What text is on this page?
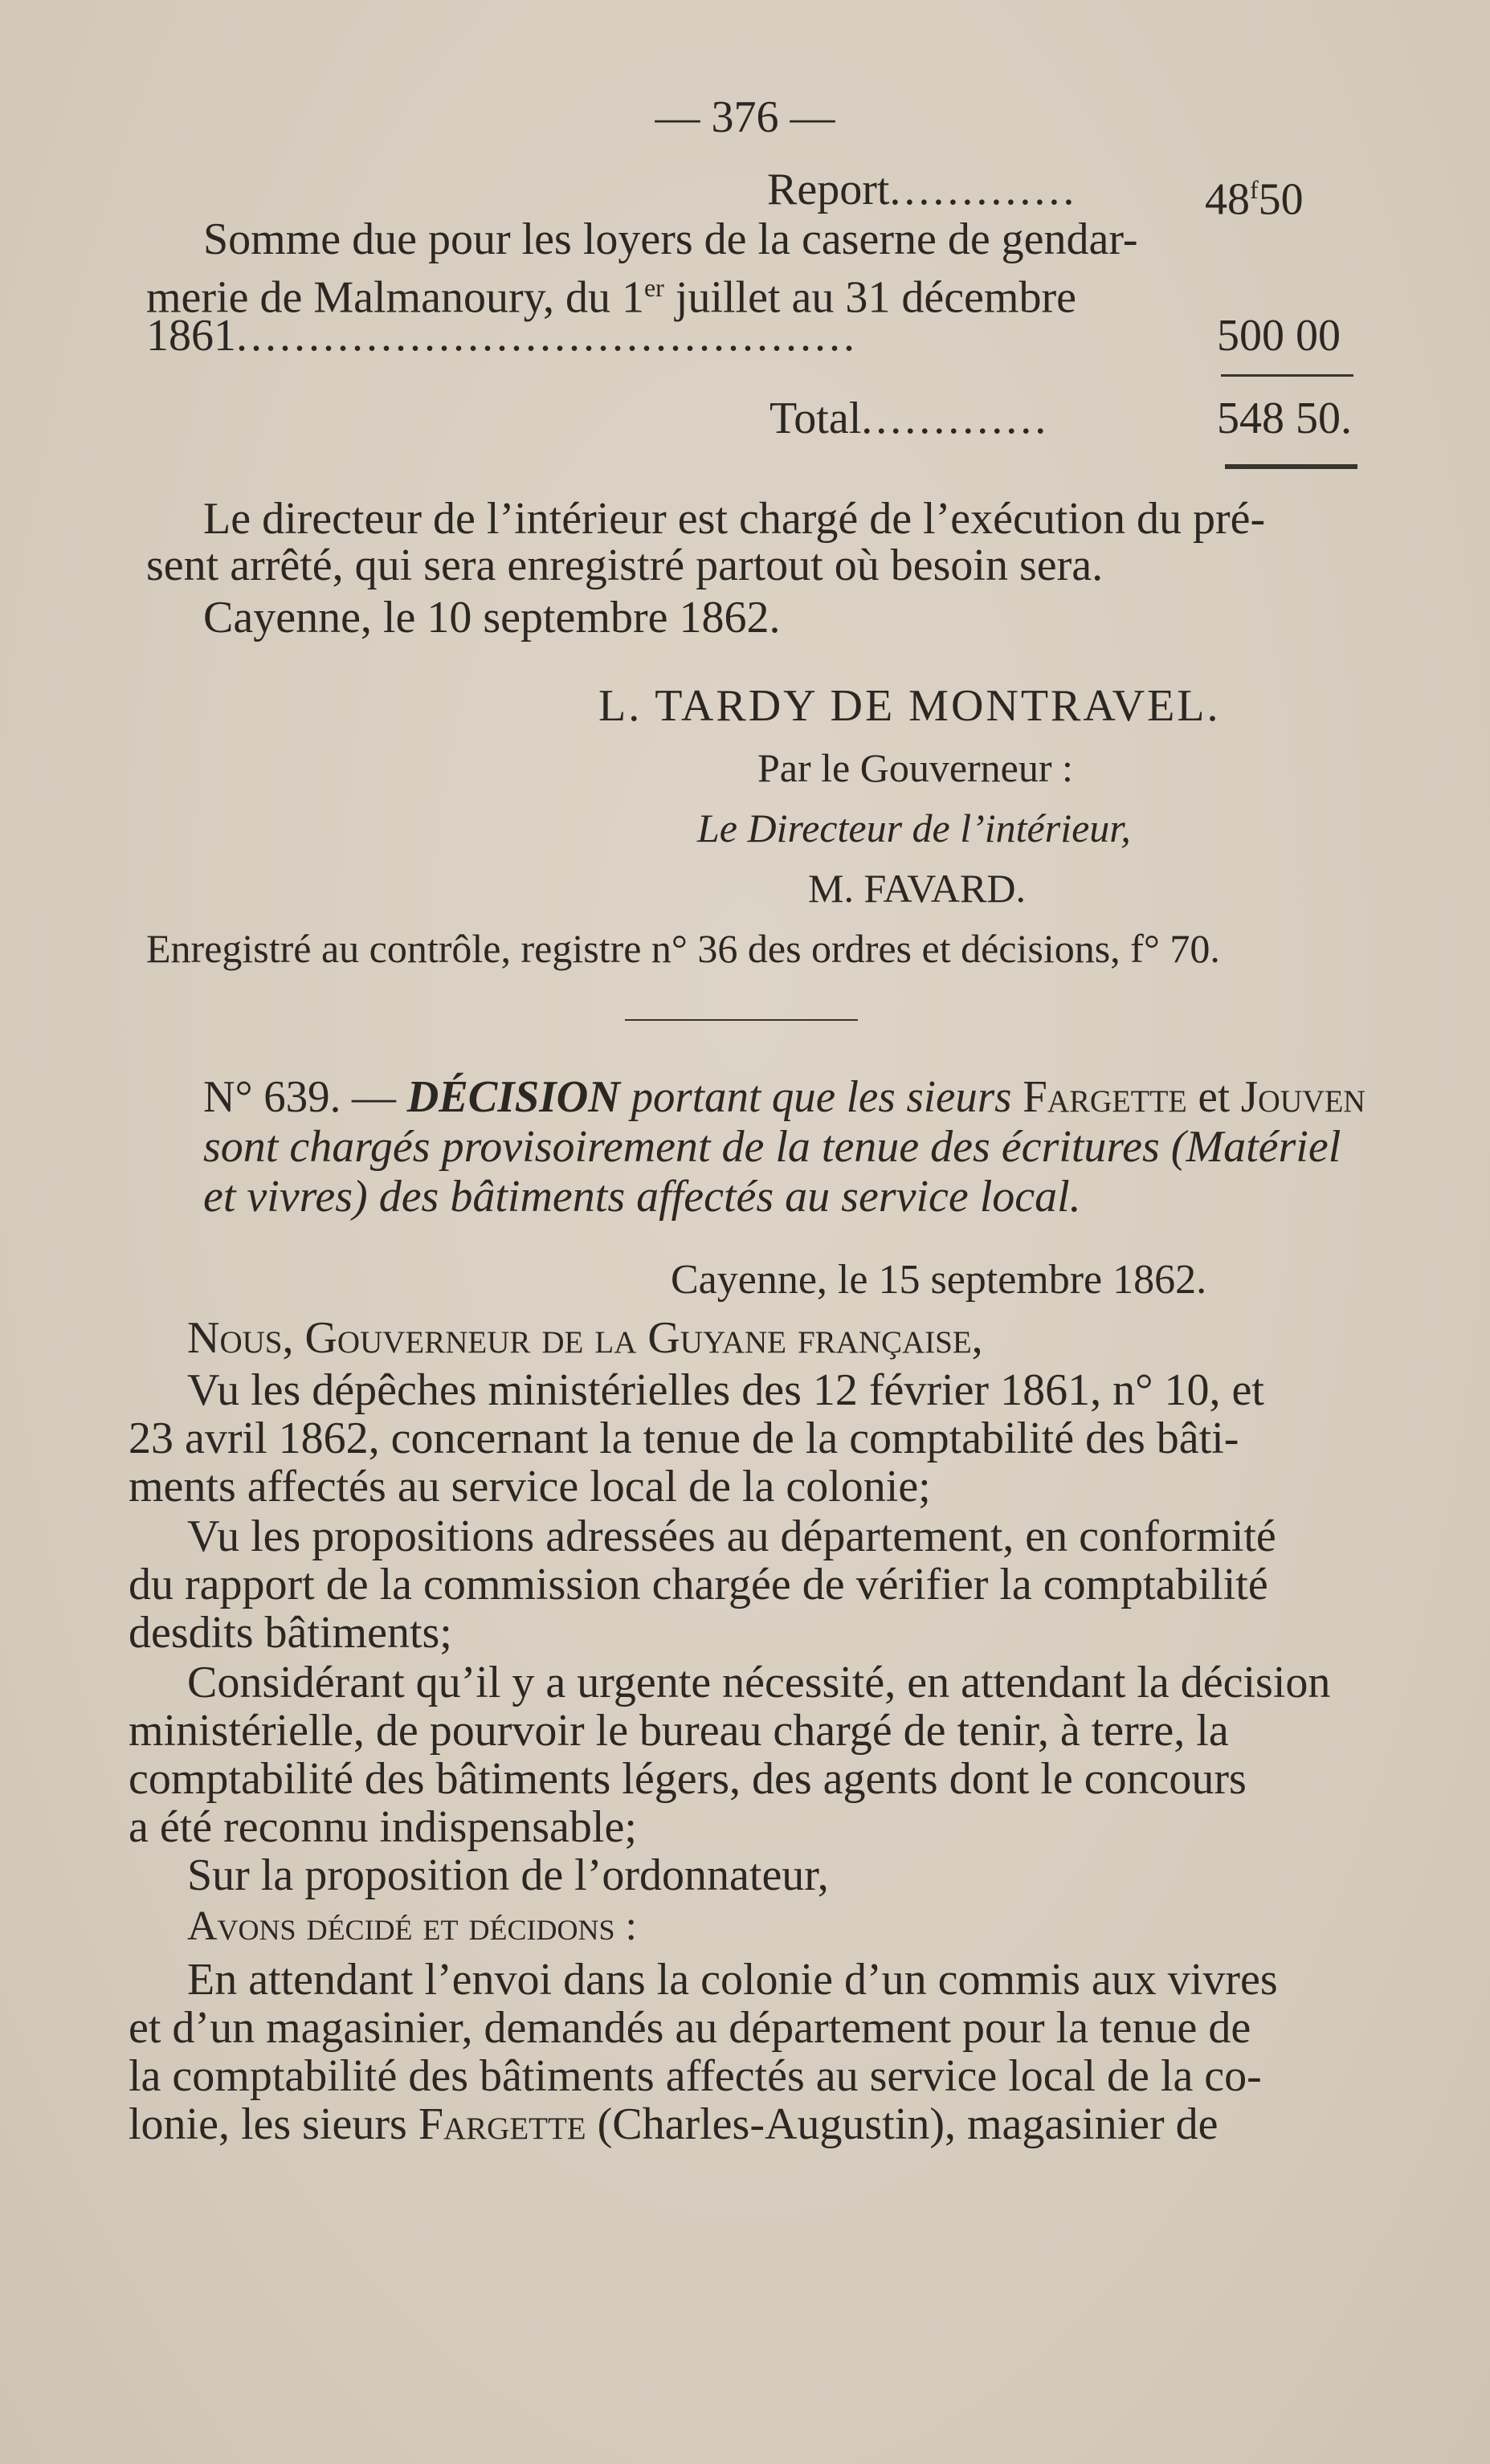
— 376 —
Report.............	48$^f$50
Somme due pour les loyers de la caserne de gendar-
merie de Malmanoury, du 1er juillet au 31 décembre
1861...........................................	500 00
Total.............	548 50.
Le directeur de l’intérieur est chargé de l’exécution du pré-
sent arrêté, qui sera enregistré partout où besoin sera.
Cayenne, le 10 septembre 1862.
L. TARDY DE MONTRAVEL.
Par le Gouverneur :
Le Directeur de l’intérieur,
M. FAVARD.
Enregistré au contrôle, registre n° 36 des ordres et décisions, f° 70.
N° 639. — DÉCISION portant que les sieurs Fargette et Jouven
sont chargés provisoirement de la tenue des écritures (Matériel
et vivres) des bâtiments affectés au service local.
Cayenne, le 15 septembre 1862.
Nous, Gouverneur de la Guyane française,
Vu les dépêches ministérielles des 12 février 1861, n° 10, et
23 avril 1862, concernant la tenue de la comptabilité des bâti-
ments affectés au service local de la colonie;
Vu les propositions adressées au département, en conformité
du rapport de la commission chargée de vérifier la comptabilité
desdits bâtiments;
Considérant qu’il y a urgente nécessité, en attendant la décision
ministérielle, de pourvoir le bureau chargé de tenir, à terre, la
comptabilité des bâtiments légers, des agents dont le concours
a été reconnu indispensable;
Sur la proposition de l’ordonnateur,
Avons décidé et décidons :
En attendant l’envoi dans la colonie d’un commis aux vivres
et d’un magasinier, demandés au département pour la tenue de
la comptabilité des bâtiments affectés au service local de la co-
lonie, les sieurs Fargette (Charles-Augustin), magasinier de
